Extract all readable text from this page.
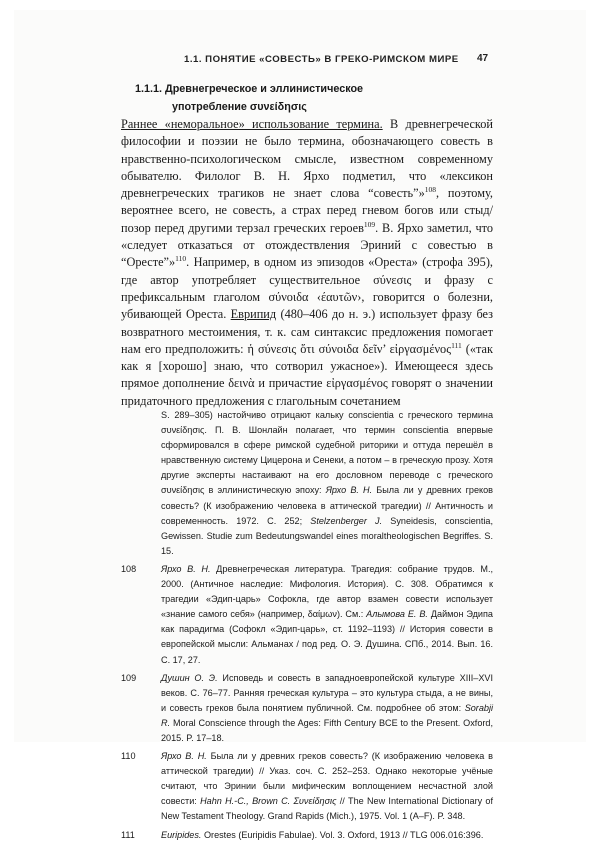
1.1. ПОНЯТИЕ «СОВЕСТЬ» В ГРЕКО-РИМСКОМ МИРЕ	47
1.1.1. Древнегреческое и эллинистическое
употребление συνείδησις

Раннее «неморальное» использование термина. В древнегреческой философии и поэзии не было термина, обозначающего совесть в нравственно-психологическом смысле, известном современному обывателю. Филолог В. Н. Ярхо подметил, что «лексикон древнегреческих трагиков не знает слова “совесть”»$^{108}$, поэтому, вероятнее всего, не совесть, а страх перед гневом богов или стыд/позор перед другими терзал греческих героев$^{109}$. В. Ярхо заметил, что «следует отказаться от отождествления Эриний с совестью в “Оресте”»$^{110}$. Например, в одном из эпизодов «Ореста» (строфа 395), где автор употребляет существительное σύνεσις и фразу с префиксальным глаголом σύνοιδα ‹έαυτῶν›, говорится о болезни, убивающей Ореста. Еврипид (480–406 до н. э.) использует фразу без возвратного местоимения, т. к. сам синтаксис предложения помогает нам его предположить: ἡ σύνεσις ὅτι σύνοιδα δεῖν’ εἰργασμένος$^{111}$ («так как я [хорошо] знаю, что сотворил ужасное»). Имеющееся здесь прямое дополнение δεινὰ и причастие εἰργασμένος говорят о значении придаточного предложения с глагольным сочетанием

S. 289–305) настойчиво отрицают кальку conscientia с греческого термина συνείδησις. П. В. Шонлайн полагает, что термин conscientia впервые сформировался в сфере римской судебной риторики и оттуда перешёл в нравственную систему Цицерона и Сенеки, а потом – в греческую прозу. Хотя другие эксперты настаивают на его дословном переводе с греческого συνείδησις в эллинистическую эпоху: Ярхо В. Н. Была ли у древних греков совесть? (К изображению человека в аттической трагедии) // Античность и современность. 1972. С. 252; Stelzenberger J. Syneidesis, conscientia, Gewissen. Studie zum Bedeutungswandel eines moraltheologischen Begriffes. S. 15.
108	Ярхо В. Н. Древнегреческая литература. Трагедия: собрание трудов. М., 2000. (Античное наследие: Мифология. История). С. 308. Обратимся к трагедии «Эдип-царь» Софокла, где автор взамен совести использует «знание самого себя» (например, δαίμων). См.: Алымова Е. В. Даймон Эдипа как парадигма (Софокл «Эдип-царь», ст. 1192–1193) // История совести в европейской мысли: Альманах / под ред. О. Э. Душина. СПб., 2014. Вып. 16. С. 17, 27.
109	Душин О. Э. Исповедь и совесть в западноевропейской культуре XIII–XVI веков. С. 76–77. Ранняя греческая культура – это культура стыда, а не вины, и совесть греков была понятием публичной. См. подробнее об этом: Sorabji R. Moral Conscience through the Ages: Fifth Century BCE to the Present. Oxford, 2015. P. 17–18.
110	Ярхо В. Н. Была ли у древних греков совесть? (К изображению человека в аттической трагедии) // Указ. соч. С. 252–253. Однако некоторые учёные считают, что Эринии были мифическим воплощением несчастной злой совести: Hahn H.-C., Brown C. Συνείδησις // The New International Dictionary of New Testament Theology. Grand Rapids (Mich.), 1975. Vol. 1 (A–F). P. 348.
111	Euripides. Orestes (Euripidis Fabulae). Vol. 3. Oxford, 1913 // TLG 006.016:396.
